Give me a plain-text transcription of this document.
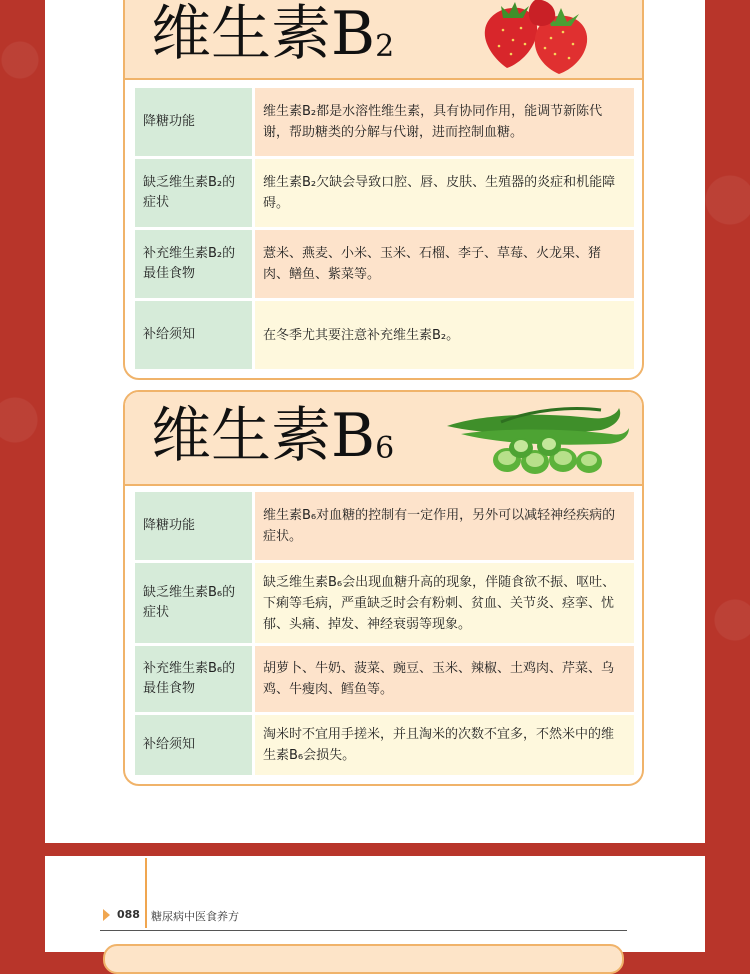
维生素B2
降糖功能
维生素B₂都是水溶性维生素，具有协同作用，能调节新陈代谢，帮助糖类的分解与代谢，进而控制血糖。
缺乏维生素B₂的症状
维生素B₂欠缺会导致口腔、唇、皮肤、生殖器的炎症和机能障碍。
补充维生素B₂的最佳食物
薏米、燕麦、小米、玉米、石榴、李子、草莓、火龙果、猪肉、鳝鱼、紫菜等。
补给须知	在冬季尤其要注意补充维生素B₂。
维生素B6
降糖功能
维生素B₆对血糖的控制有一定作用，另外可以减轻神经疾病的症状。
缺乏维生素B₆的症状
缺乏维生素B₆会出现血糖升高的现象，伴随食欲不振、呕吐、下痢等毛病，严重缺乏时会有粉刺、贫血、关节炎、痉挛、忧郁、头痛、掉发、神经衰弱等现象。
补充维生素B₆的最佳食物
胡萝卜、牛奶、菠菜、豌豆、玉米、辣椒、土鸡肉、芹菜、乌鸡、牛瘦肉、鳕鱼等。
补给须知
淘米时不宜用手搓米，并且淘米的次数不宜多，不然米中的维生素B₆会损失。
088 糖尿病中医食养方
